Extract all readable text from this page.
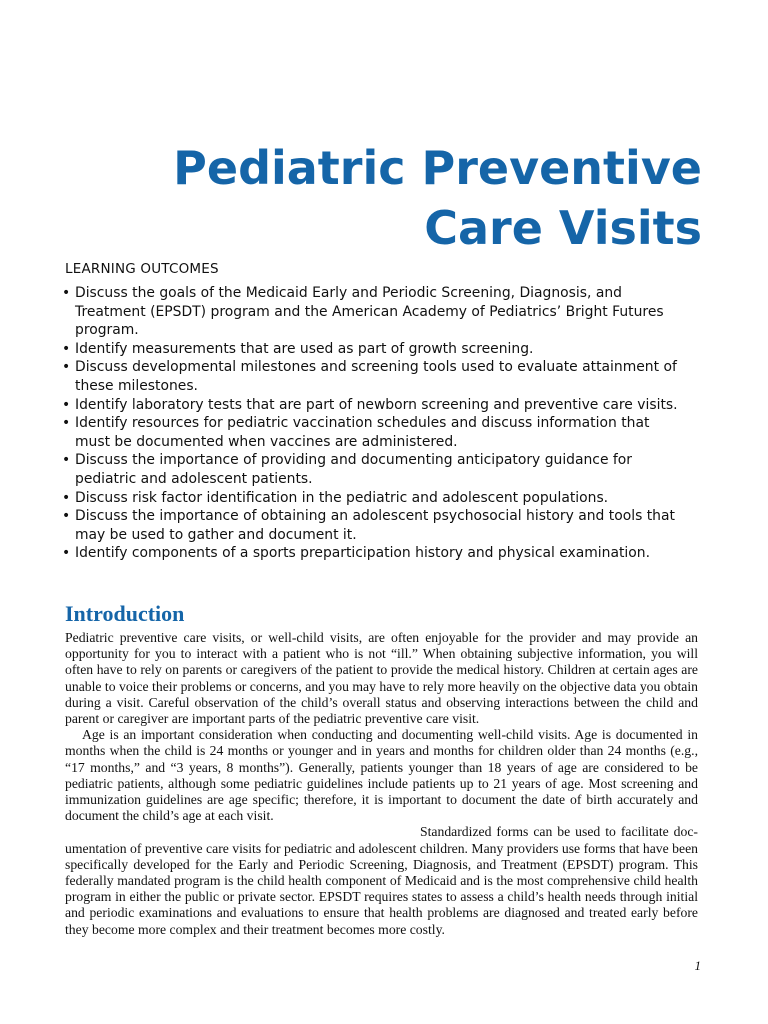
Pediatric Preventive
Care Visits
LEARNING OUTCOMES
• Discuss the goals of the Medicaid Early and Periodic Screening, Diagnosis, and Treatment (EPSDT) program and the American Academy of Pediatrics’ Bright Futures program.
• Identify measurements that are used as part of growth screening.
• Discuss developmental milestones and screening tools used to evaluate attainment of these milestones.
• Identify laboratory tests that are part of newborn screening and preventive care visits.
• Identify resources for pediatric vaccination schedules and discuss information that must be documented when vaccines are administered.
• Discuss the importance of providing and documenting anticipatory guidance for pediatric and adolescent patients.
• Discuss risk factor identification in the pediatric and adolescent populations.
• Discuss the importance of obtaining an adolescent psychosocial history and tools that may be used to gather and document it.
• Identify components of a sports preparticipation history and physical examination.
Introduction

Pediatric preventive care visits, or well-child visits, are often enjoyable for the provider and may provide an opportunity for you to interact with a patient who is not “ill.” When obtaining subjective information, you will often have to rely on parents or caregivers of the patient to provide the medical history. Children at certain ages are unable to voice their problems or concerns, and you may have to rely more heavily on the objective data you obtain during a visit. Careful observation of the child’s overall status and observing interactions between the child and parent or caregiver are important parts of the pediatric preventive care visit.

Age is an important consideration when conducting and documenting well-child visits. Age is documented in months when the child is 24 months or younger and in years and months for children older than 24 months (e.g., “17 months,” and “3 years, 8 months”). Generally, patients younger than 18 years of age are considered to be pediatric patients, although some pediatric guidelines include patients up to 21 years of age. Most screening and immunization guidelines are age specific; therefore, it is important to document the date of birth accurately and document the child’s age at each visit.

Standardized forms can be used to facilitate doc-umentation of preventive care visits for pediatric and adolescent children. Many providers use forms that have been specifically developed for the Early and Periodic Screening, Diagnosis, and Treatment (EPSDT) program. This federally mandated program is the child health component of Medicaid and is the most comprehensive child health program in either the public or private sector. EPSDT requires states to assess a child’s health needs through initial and periodic examinations and evaluations to ensure that health problems are diagnosed and treated early before they become more complex and their treatment becomes more costly.

1
